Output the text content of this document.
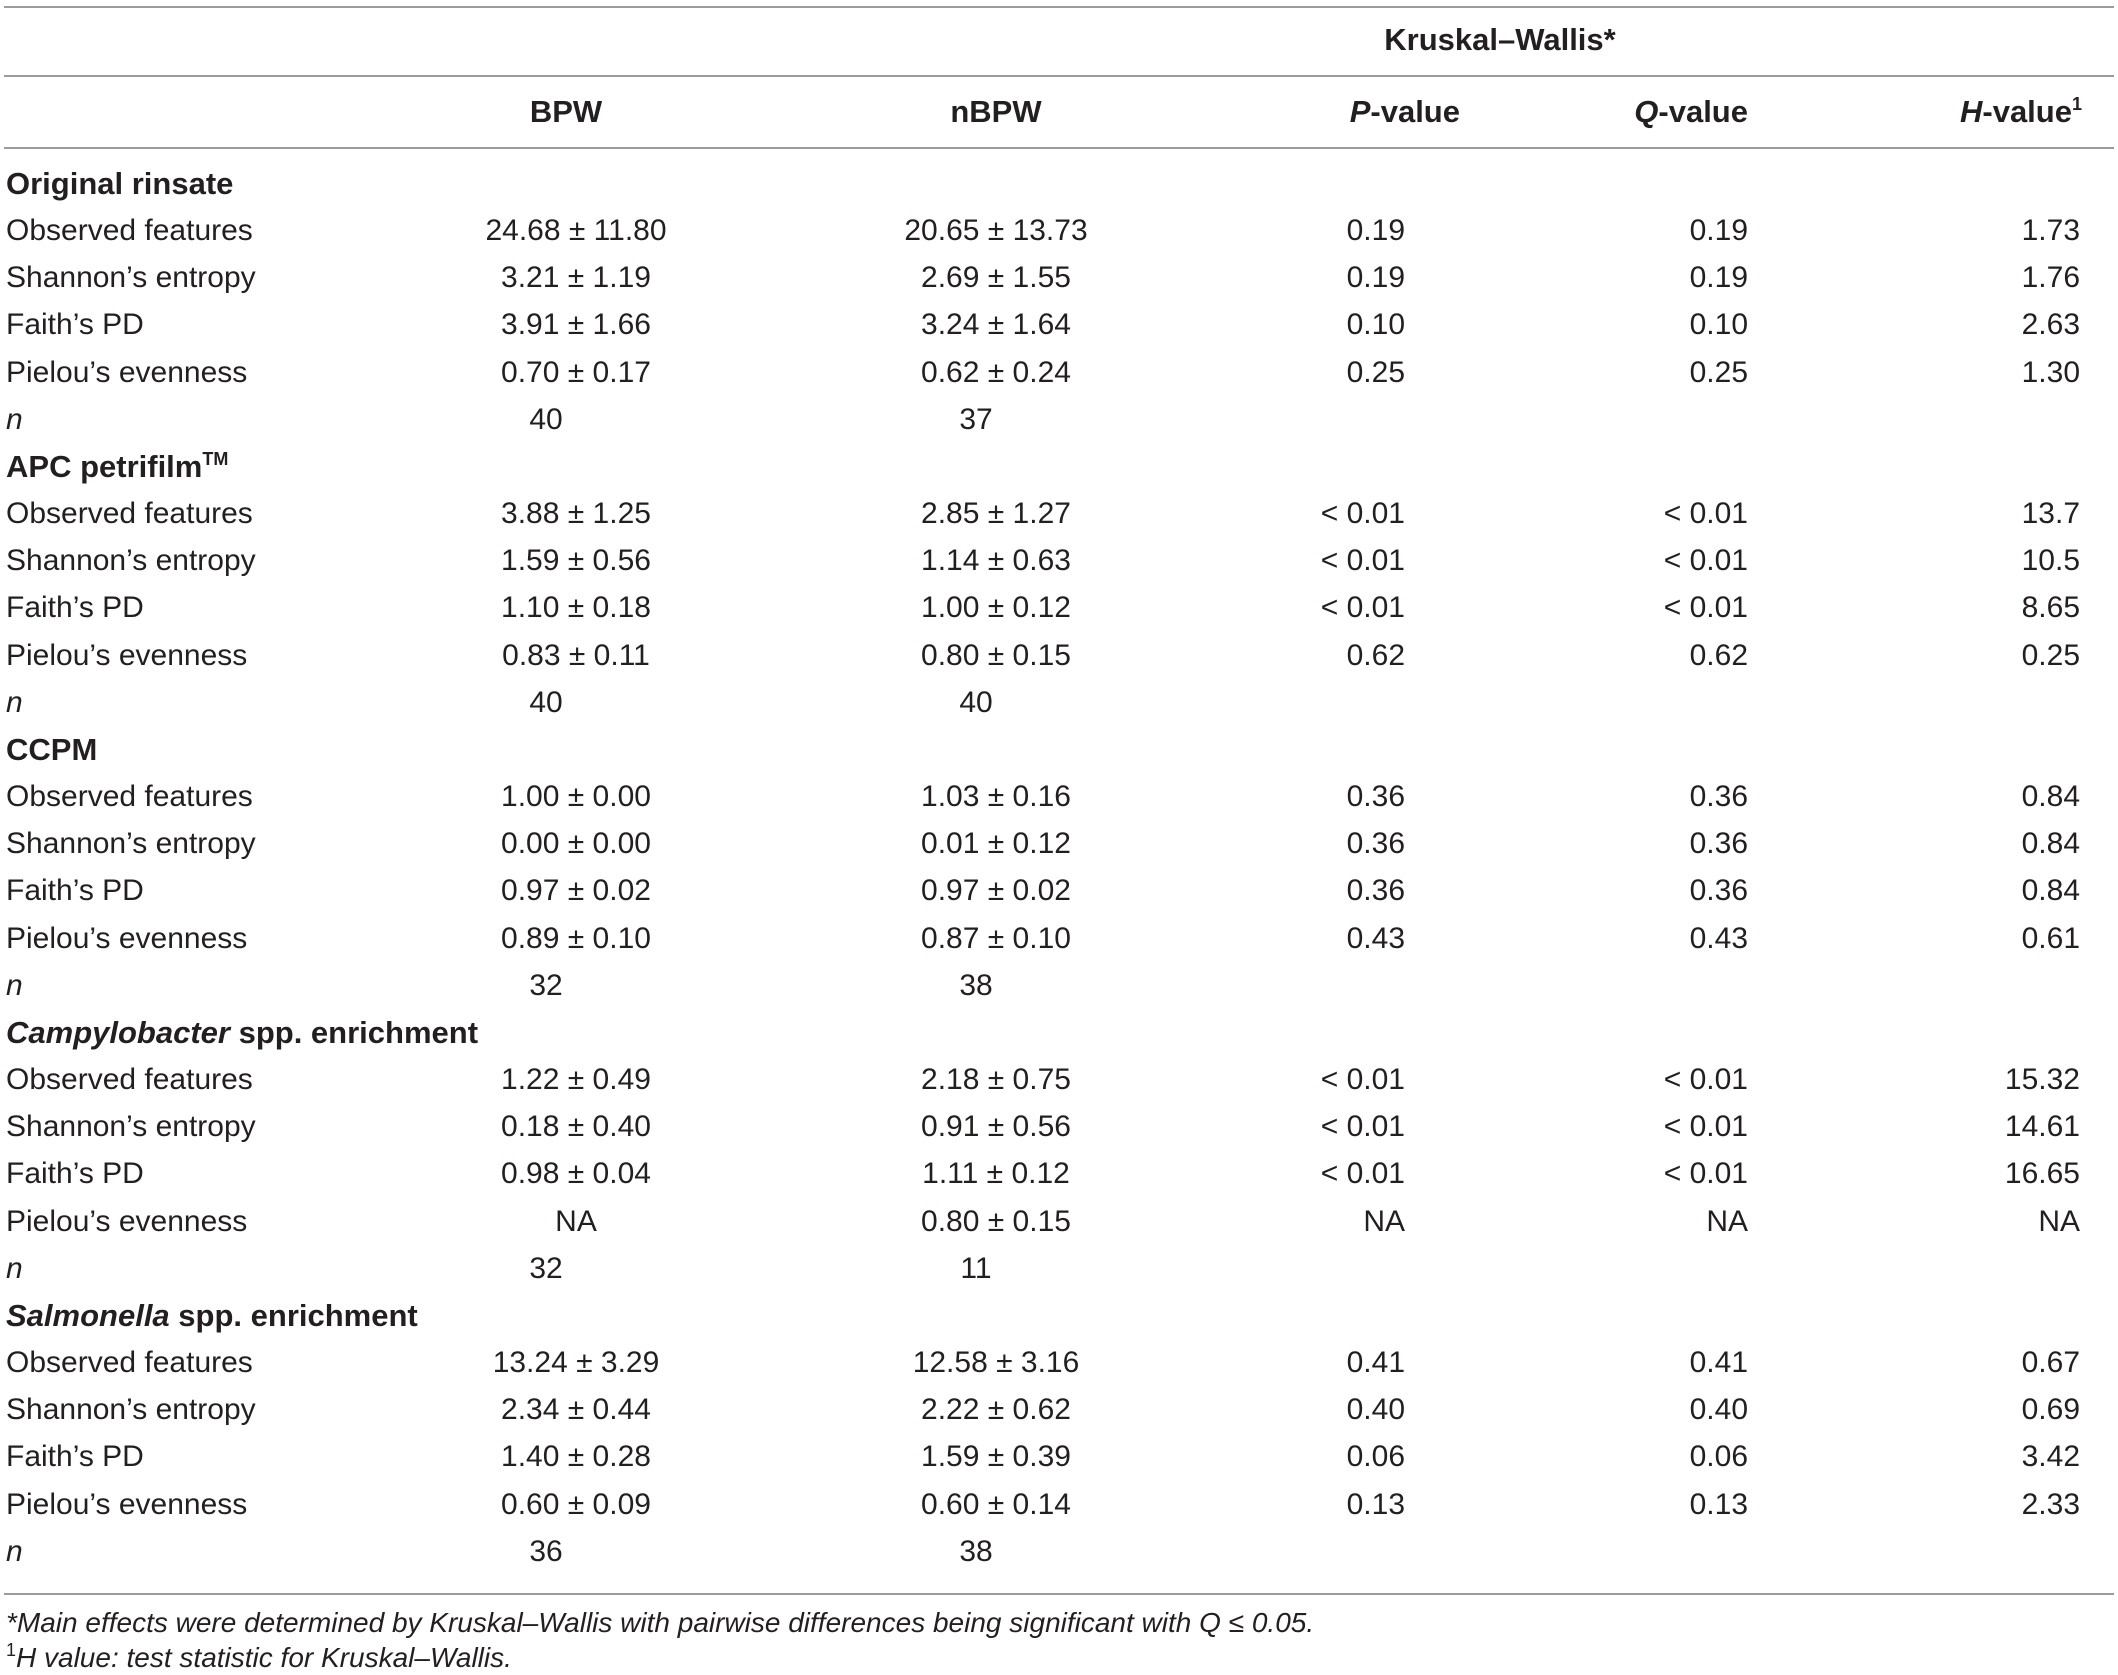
Kruskal–Wallis*
BPW	nBPW	P-value	Q-value	H-value$^1$
Original rinsate
Observed features	24.68 ± 11.80	20.65 ± 13.73	0.19	0.19	1.73
Shannon’s entropy	3.21 ± 1.19	2.69 ± 1.55	0.19	0.19	1.76
Faith’s PD	3.91 ± 1.66	3.24 ± 1.64	0.10	0.10	2.63
Pielou’s evenness	0.70 ± 0.17	0.62 ± 0.24	0.25	0.25	1.30
n	40	37
APC petrifilm™
Observed features	3.88 ± 1.25	2.85 ± 1.27	< 0.01	< 0.01	13.7
Shannon’s entropy	1.59 ± 0.56	1.14 ± 0.63	< 0.01	< 0.01	10.5
Faith’s PD	1.10 ± 0.18	1.00 ± 0.12	< 0.01	< 0.01	8.65
Pielou’s evenness	0.83 ± 0.11	0.80 ± 0.15	0.62	0.62	0.25
n	40	40
CCPM
Observed features	1.00 ± 0.00	1.03 ± 0.16	0.36	0.36	0.84
Shannon’s entropy	0.00 ± 0.00	0.01 ± 0.12	0.36	0.36	0.84
Faith’s PD	0.97 ± 0.02	0.97 ± 0.02	0.36	0.36	0.84
Pielou’s evenness	0.89 ± 0.10	0.87 ± 0.10	0.43	0.43	0.61
n	32	38
Campylobacter spp. enrichment
Observed features	1.22 ± 0.49	2.18 ± 0.75	< 0.01	< 0.01	15.32
Shannon’s entropy	0.18 ± 0.40	0.91 ± 0.56	< 0.01	< 0.01	14.61
Faith’s PD	0.98 ± 0.04	1.11 ± 0.12	< 0.01	< 0.01	16.65
Pielou’s evenness	NA	0.80 ± 0.15	NA	NA	NA
n	32	11
Salmonella spp. enrichment
Observed features	13.24 ± 3.29	12.58 ± 3.16	0.41	0.41	0.67
Shannon’s entropy	2.34 ± 0.44	2.22 ± 0.62	0.40	0.40	0.69
Faith’s PD	1.40 ± 0.28	1.59 ± 0.39	0.06	0.06	3.42
Pielou’s evenness	0.60 ± 0.09	0.60 ± 0.14	0.13	0.13	2.33
n	36	38
*Main effects were determined by Kruskal–Wallis with pairwise differences being significant with Q ≤ 0.05.
$^1$H value: test statistic for Kruskal–Wallis.
